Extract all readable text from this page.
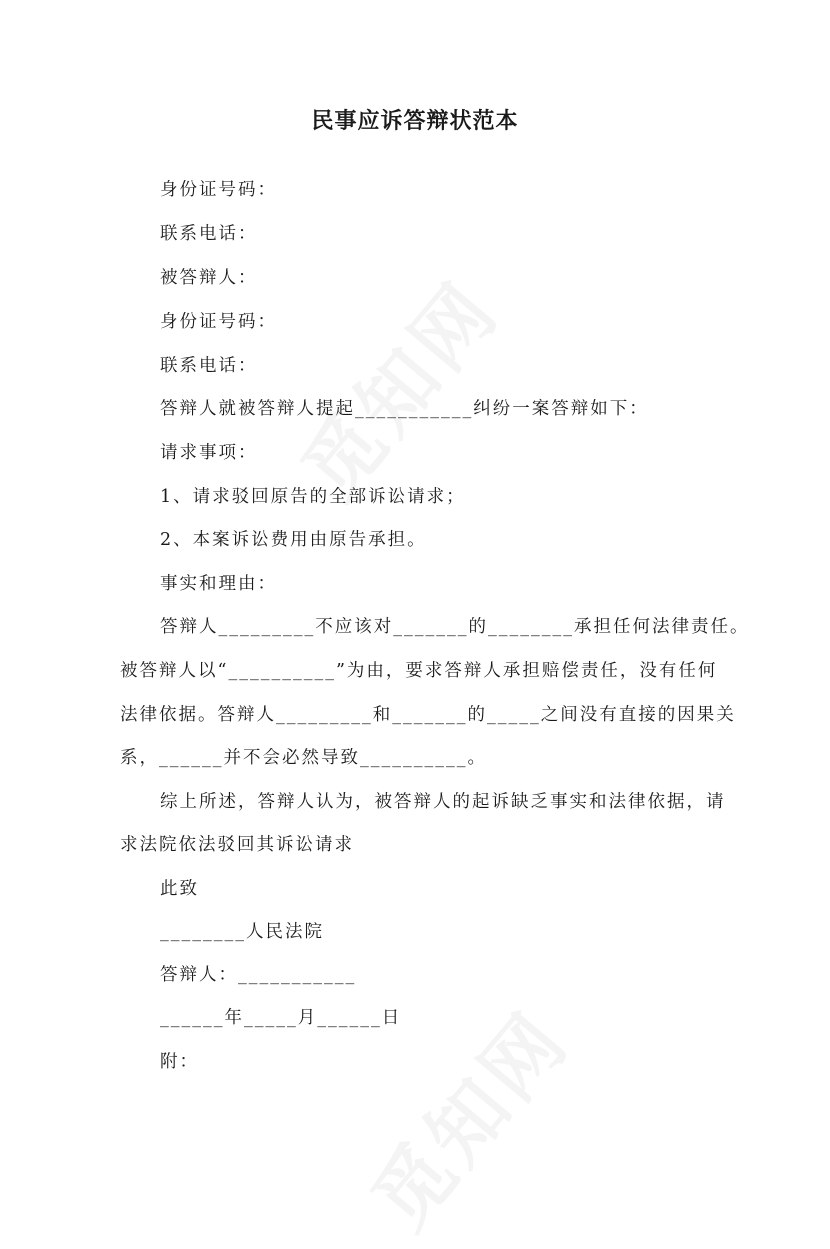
民事应诉答辩状范本
身份证号码：
联系电话：
被答辩人：
身份证号码：
联系电话：
答辩人就被答辩人提起___________纠纷一案答辩如下：
请求事项：
1、请求驳回原告的全部诉讼请求；
2、本案诉讼费用由原告承担。
事实和理由：
答辩人_________不应该对_______的________承担任何法律责任。
被答辩人以“__________”为由，要求答辩人承担赔偿责任，没有任何
法律依据。答辩人_________和_______的_____之间没有直接的因果关
系，______并不会必然导致__________。
综上所述，答辩人认为，被答辩人的起诉缺乏事实和法律依据，请
求法院依法驳回其诉讼请求
此致
________人民法院
答辩人：___________
______年_____月______日
附：
